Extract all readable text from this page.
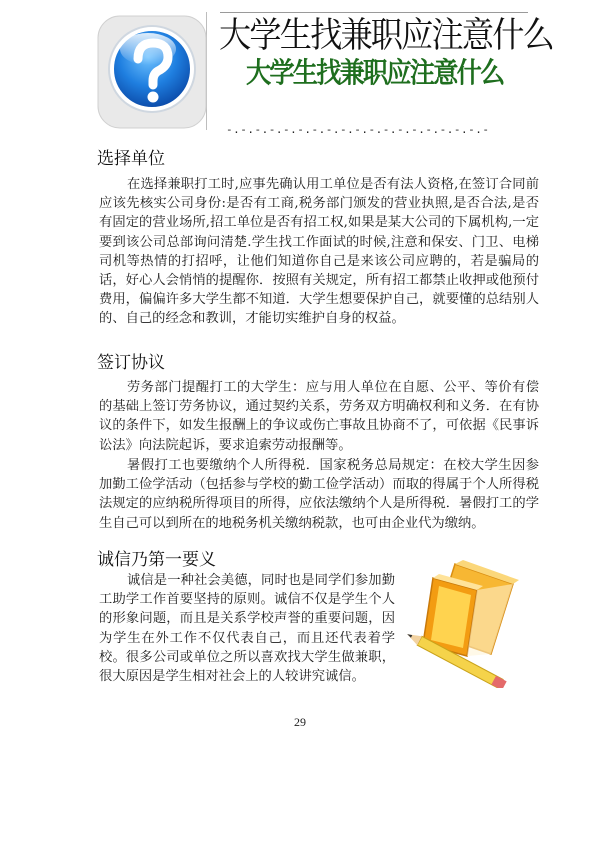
大学生找兼职应注意什么
大学生找兼职应注意什么
-.-.-.-.-.-.-.-.-.-.-.-.-.-.-.-.-.-.-
选择单位

在选择兼职打工时,应事先确认用工单位是否有法人资格,在签订合同前应该先核实公司身份:是否有工商,税务部门颁发的营业执照,是否合法,是否有固定的营业场所,招工单位是否有招工权,如果是某大公司的下属机构,一定要到该公司总部询问清楚.学生找工作面试的时候,注意和保安、门卫、电梯司机等热情的打招呼，让他们知道你自己是来该公司应聘的，若是骗局的话，好心人会悄悄的提醒你．按照有关规定，所有招工都禁止收押或他预付费用，偏偏许多大学生都不知道．大学生想要保护自己，就要懂的总结别人的、自己的经念和教训，才能切实维护自身的权益。

签订协议

劳务部门提醒打工的大学生：应与用人单位在自愿、公平、等价有偿的基础上签订劳务协议，通过契约关系，劳务双方明确权利和义务．在有协议的条件下，如发生报酬上的争议或伤亡事故且协商不了，可依据《民事诉讼法》向法院起诉，要求追索劳动报酬等。

暑假打工也要缴纳个人所得税．国家税务总局规定：在校大学生因参加勤工俭学活动（包括参与学校的勤工俭学活动）而取的得属于个人所得税法规定的应纳税所得项目的所得，应依法缴纳个人是所得税．暑假打工的学生自己可以到所在的地税务机关缴纳税款，也可由企业代为缴纳。

诚信乃第一要义

诚信是一种社会美德，同时也是同学们参加勤工助学工作首要坚持的原则。诚信不仅是学生个人的形象问题，而且是关系学校声誉的重要问题，因为学生在外工作不仅代表自己，而且还代表着学校。很多公司或单位之所以喜欢找大学生做兼职，很大原因是学生相对社会上的人较讲究诚信。

29
